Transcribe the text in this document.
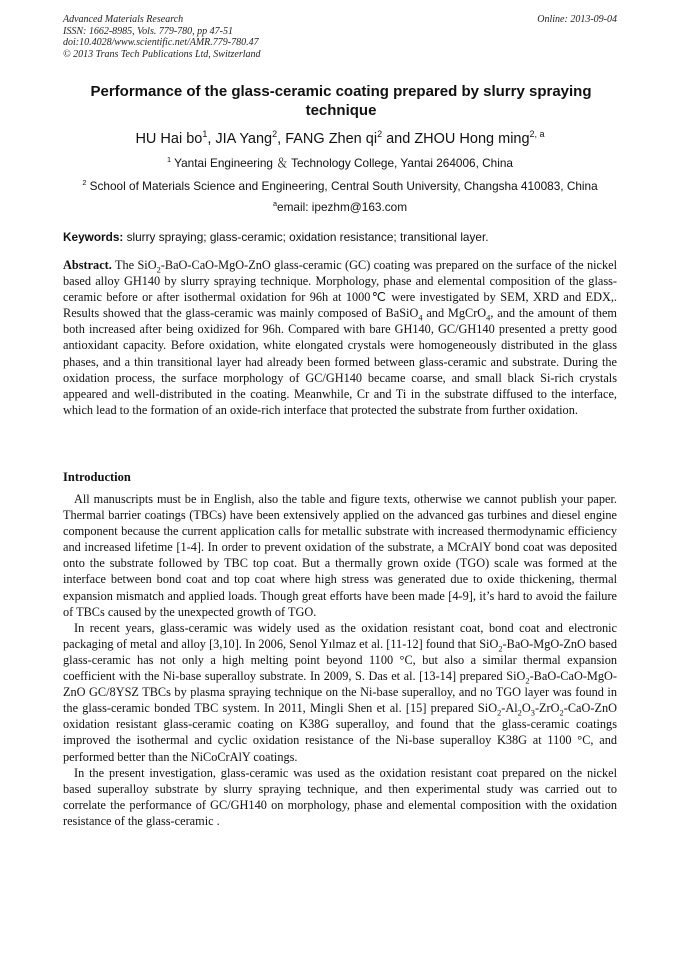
Advanced Materials Research
ISSN: 1662-8985, Vols. 779-780, pp 47-51
doi:10.4028/www.scientific.net/AMR.779-780.47
© 2013 Trans Tech Publications Ltd, Switzerland
Online: 2013-09-04
Performance of the glass-ceramic coating prepared by slurry spraying technique
HU Hai $bo^1$, JIA Yang$^2$, FANG Zhen $qi^2$ and ZHOU Hong ming$^{2, a}$
$^1$ Yantai Engineering ＆ Technology College, Yantai 264006, China
$^2$ School of Materials Science and Engineering, Central South University, Changsha 410083, China
$^a$email: ipezhm@163.com
Keywords: slurry spraying; glass-ceramic; oxidation resistance; transitional layer.
Abstract. The SiO$_2$-BaO-CaO-MgO-ZnO glass-ceramic (GC) coating was prepared on the surface of the nickel based alloy GH140 by slurry spraying technique. Morphology, phase and elemental composition of the glass-ceramic before or after isothermal oxidation for 96h at 1000℃ were investigated by SEM, XRD and EDX,. Results showed that the glass-ceramic was mainly composed of BaSiO$_4$ and MgCrO$_4$, and the amount of them both increased after being oxidized for 96h. Compared with bare GH140, GC/GH140 presented a pretty good antioxidant capacity. Before oxidation, white elongated crystals were homogeneously distributed in the glass phases, and a thin transitional layer had already been formed between glass-ceramic and substrate. During the oxidation process, the surface morphology of GC/GH140 became coarse, and small black Si-rich crystals appeared and well-distributed in the coating. Meanwhile, Cr and Ti in the substrate diffused to the interface, which lead to the formation of an oxide-rich interface that protected the substrate from further oxidation.
Introduction

All manuscripts must be in English, also the table and figure texts, otherwise we cannot publish your paper. Thermal barrier coatings (TBCs) have been extensively applied on the advanced gas turbines and diesel engine component because the current application calls for metallic substrate with increased thermodynamic efficiency and increased lifetime [1-4]. In order to prevent oxidation of the substrate, a MCrAlY bond coat was deposited onto the substrate followed by TBC top coat. But a thermally grown oxide (TGO) scale was formed at the interface between bond coat and top coat where high stress was generated due to oxide thickening, thermal expansion mismatch and applied loads. Though great efforts have been made [4-9], it’s hard to avoid the failure of TBCs caused by the unexpected growth of TGO.

In recent years, glass-ceramic was widely used as the oxidation resistant coat, bond coat and electronic packaging of metal and alloy [3,10]. In 2006, Senol Yılmaz et al. [11-12] found that SiO$_2$-BaO-MgO-ZnO based glass-ceramic has not only a high melting point beyond 1100 °C, but also a similar thermal expansion coefficient with the Ni-base superalloy substrate. In 2009, S. Das et al. [13-14] prepared SiO$_2$-BaO-CaO-MgO-ZnO GC/8YSZ TBCs by plasma spraying technique on the Ni-base superalloy, and no TGO layer was found in the glass-ceramic bonded TBC system. In 2011, Mingli Shen et al. [15] prepared $SiO_2-Al_2O_3-ZrO_2-CaO$-ZnO oxidation resistant glass-ceramic coating on K38G superalloy, and found that the glass-ceramic coatings improved the isothermal and cyclic oxidation resistance of the Ni-base superalloy K38G at 1100 °C, and performed better than the NiCoCrAlY coatings.

In the present investigation, glass-ceramic was used as the oxidation resistant coat prepared on the nickel based superalloy substrate by slurry spraying technique, and then experimental study was carried out to correlate the performance of GC/GH140 on morphology, phase and elemental composition with the oxidation resistance of the glass-ceramic .
